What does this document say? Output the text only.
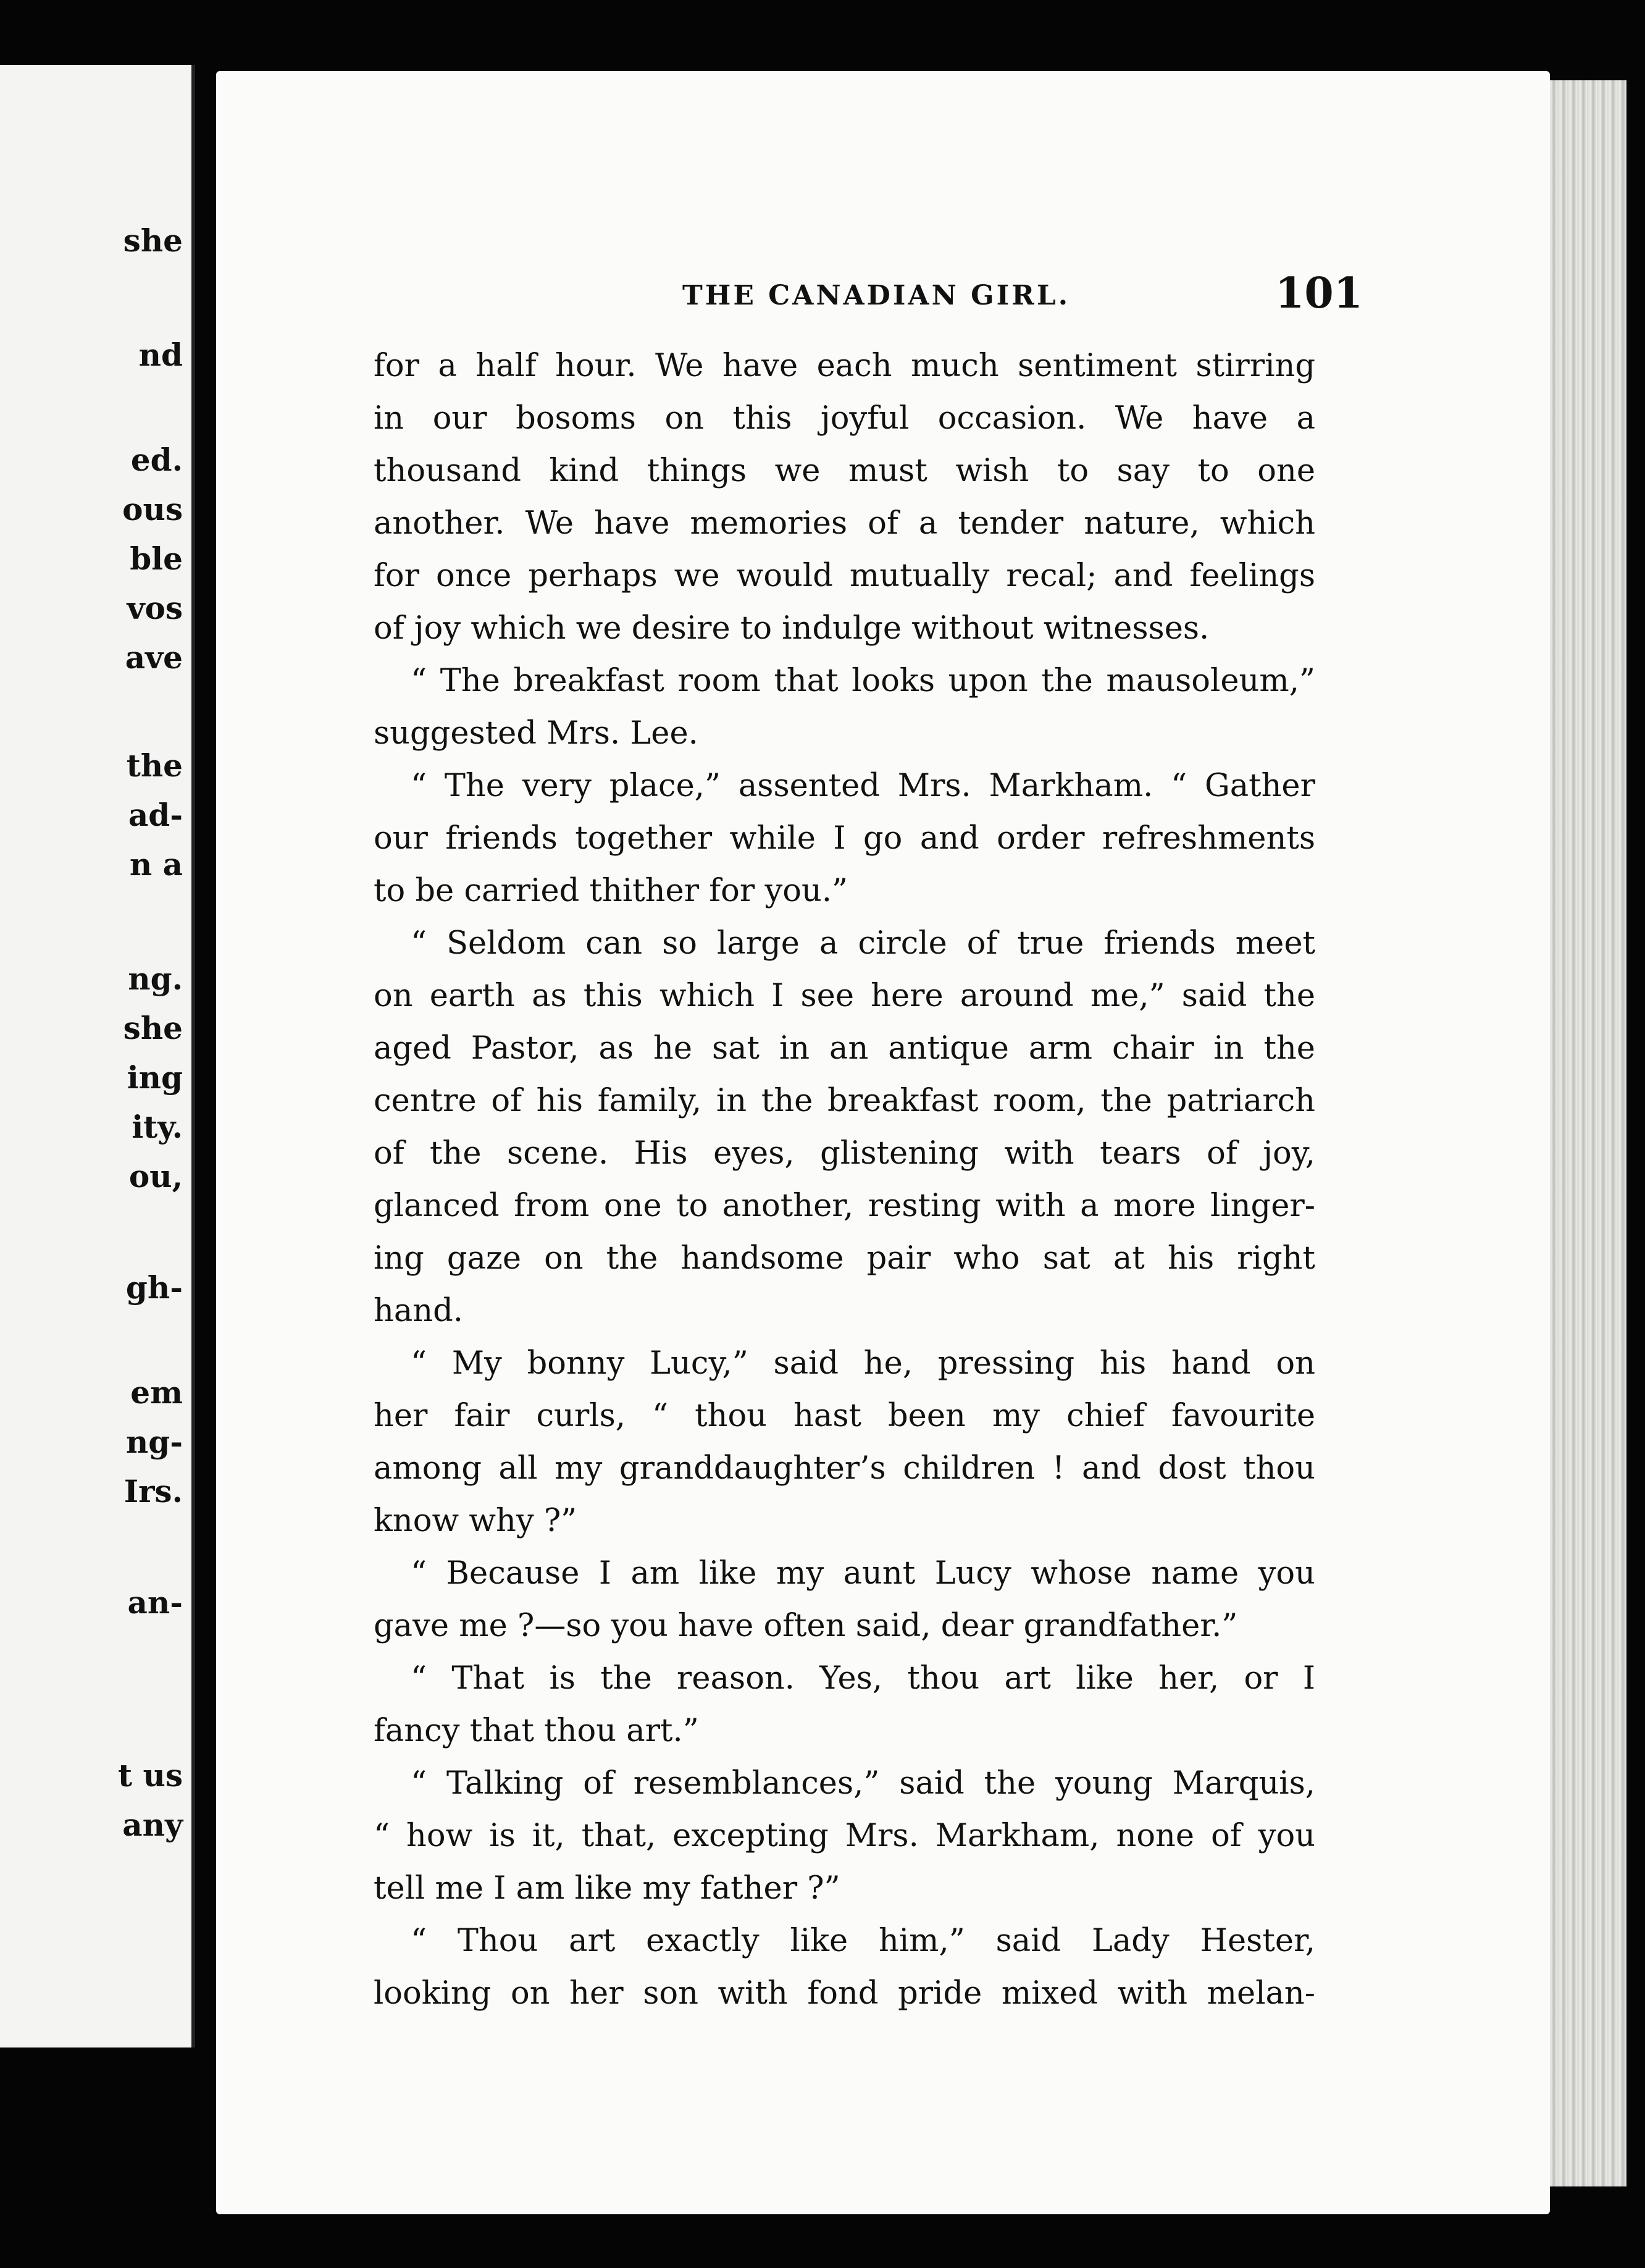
she
nd
ed.
ous
ble
vos
ave
the
ad-
n a
ng.
she
ing
ity.
ou,
gh-
em
ng-
Irs.
an-
t us
any
THE CANADIAN GIRL.	101
for a half hour. We have each much sentiment stirring
in our bosoms on this joyful occasion. We have a
thousand kind things we must wish to say to one
another. We have memories of a tender nature, which
for once perhaps we would mutually recal; and feelings
of joy which we desire to indulge without witnesses.
“ The breakfast room that looks upon the mausoleum,”
suggested Mrs. Lee.
“ The very place,” assented Mrs. Markham. “ Gather
our friends together while I go and order refreshments
to be carried thither for you.”
“ Seldom can so large a circle of true friends meet
on earth as this which I see here around me,” said the
aged Pastor, as he sat in an antique arm chair in the
centre of his family, in the breakfast room, the patriarch
of the scene. His eyes, glistening with tears of joy,
glanced from one to another, resting with a more linger-
ing gaze on the handsome pair who sat at his right
hand.
“ My bonny Lucy,” said he, pressing his hand on
her fair curls, “ thou hast been my chief favourite
among all my granddaughter’s children ! and dost thou
know why ?”
“ Because I am like my aunt Lucy whose name you
gave me ?—so you have often said, dear grandfather.”
“ That is the reason. Yes, thou art like her, or I
fancy that thou art.”
“ Talking of resemblances,” said the young Marquis,
“ how is it, that, excepting Mrs. Markham, none of you
tell me I am like my father ?”
“ Thou art exactly like him,” said Lady Hester,
looking on her son with fond pride mixed with melan-
